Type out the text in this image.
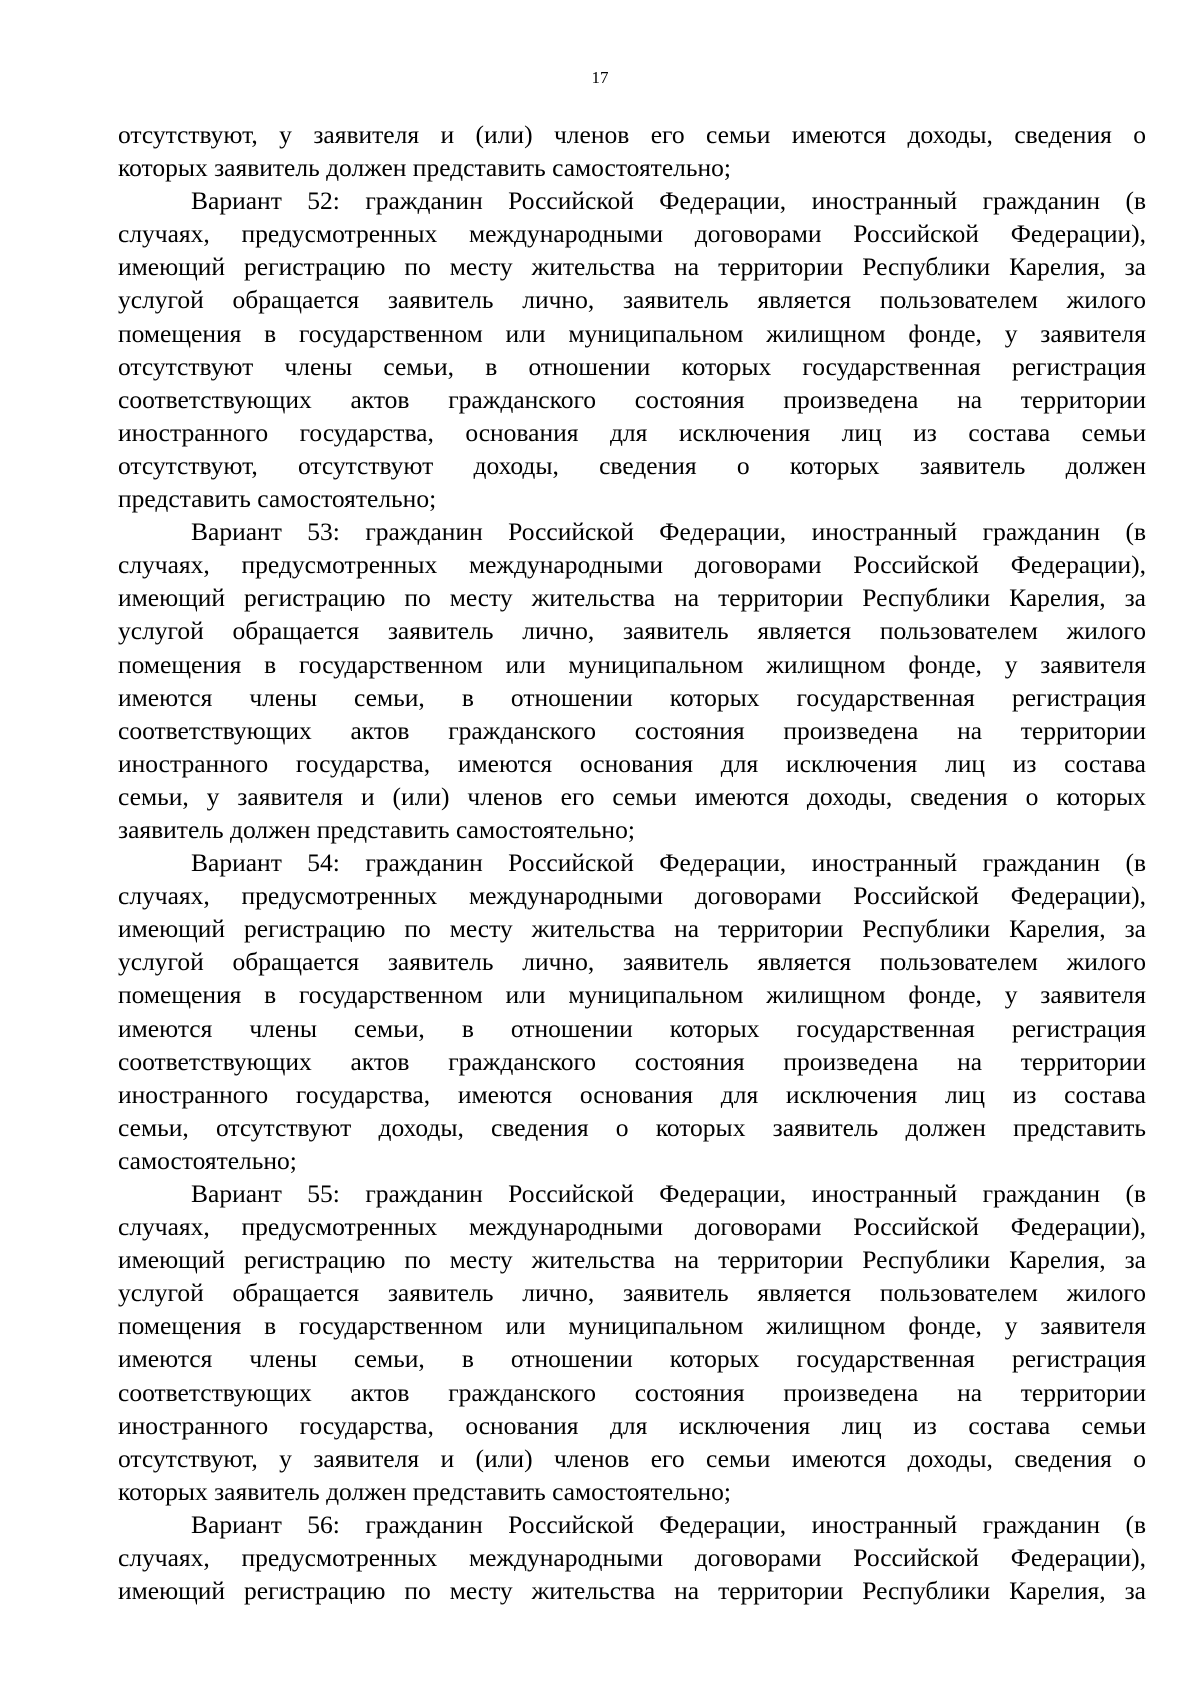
17
отсутствуют, у заявителя и (или) членов его семьи имеются доходы, сведения о
которых заявитель должен представить самостоятельно;
Вариант 52: гражданин Российской Федерации, иностранный гражданин (в
случаях, предусмотренных международными договорами Российской Федерации),
имеющий регистрацию по месту жительства на территории Республики Карелия, за
услугой обращается заявитель лично, заявитель является пользователем жилого
помещения в государственном или муниципальном жилищном фонде, у заявителя
отсутствуют члены семьи, в отношении которых государственная регистрация
соответствующих актов гражданского состояния произведена на территории
иностранного государства, основания для исключения лиц из состава семьи
отсутствуют, отсутствуют доходы, сведения о которых заявитель должен
представить самостоятельно;
Вариант 53: гражданин Российской Федерации, иностранный гражданин (в
случаях, предусмотренных международными договорами Российской Федерации),
имеющий регистрацию по месту жительства на территории Республики Карелия, за
услугой обращается заявитель лично, заявитель является пользователем жилого
помещения в государственном или муниципальном жилищном фонде, у заявителя
имеются члены семьи, в отношении которых государственная регистрация
соответствующих актов гражданского состояния произведена на территории
иностранного государства, имеются основания для исключения лиц из состава
семьи, у заявителя и (или) членов его семьи имеются доходы, сведения о которых
заявитель должен представить самостоятельно;
Вариант 54: гражданин Российской Федерации, иностранный гражданин (в
случаях, предусмотренных международными договорами Российской Федерации),
имеющий регистрацию по месту жительства на территории Республики Карелия, за
услугой обращается заявитель лично, заявитель является пользователем жилого
помещения в государственном или муниципальном жилищном фонде, у заявителя
имеются члены семьи, в отношении которых государственная регистрация
соответствующих актов гражданского состояния произведена на территории
иностранного государства, имеются основания для исключения лиц из состава
семьи, отсутствуют доходы, сведения о которых заявитель должен представить
самостоятельно;
Вариант 55: гражданин Российской Федерации, иностранный гражданин (в
случаях, предусмотренных международными договорами Российской Федерации),
имеющий регистрацию по месту жительства на территории Республики Карелия, за
услугой обращается заявитель лично, заявитель является пользователем жилого
помещения в государственном или муниципальном жилищном фонде, у заявителя
имеются члены семьи, в отношении которых государственная регистрация
соответствующих актов гражданского состояния произведена на территории
иностранного государства, основания для исключения лиц из состава семьи
отсутствуют, у заявителя и (или) членов его семьи имеются доходы, сведения о
которых заявитель должен представить самостоятельно;
Вариант 56: гражданин Российской Федерации, иностранный гражданин (в
случаях, предусмотренных международными договорами Российской Федерации),
имеющий регистрацию по месту жительства на территории Республики Карелия, за
